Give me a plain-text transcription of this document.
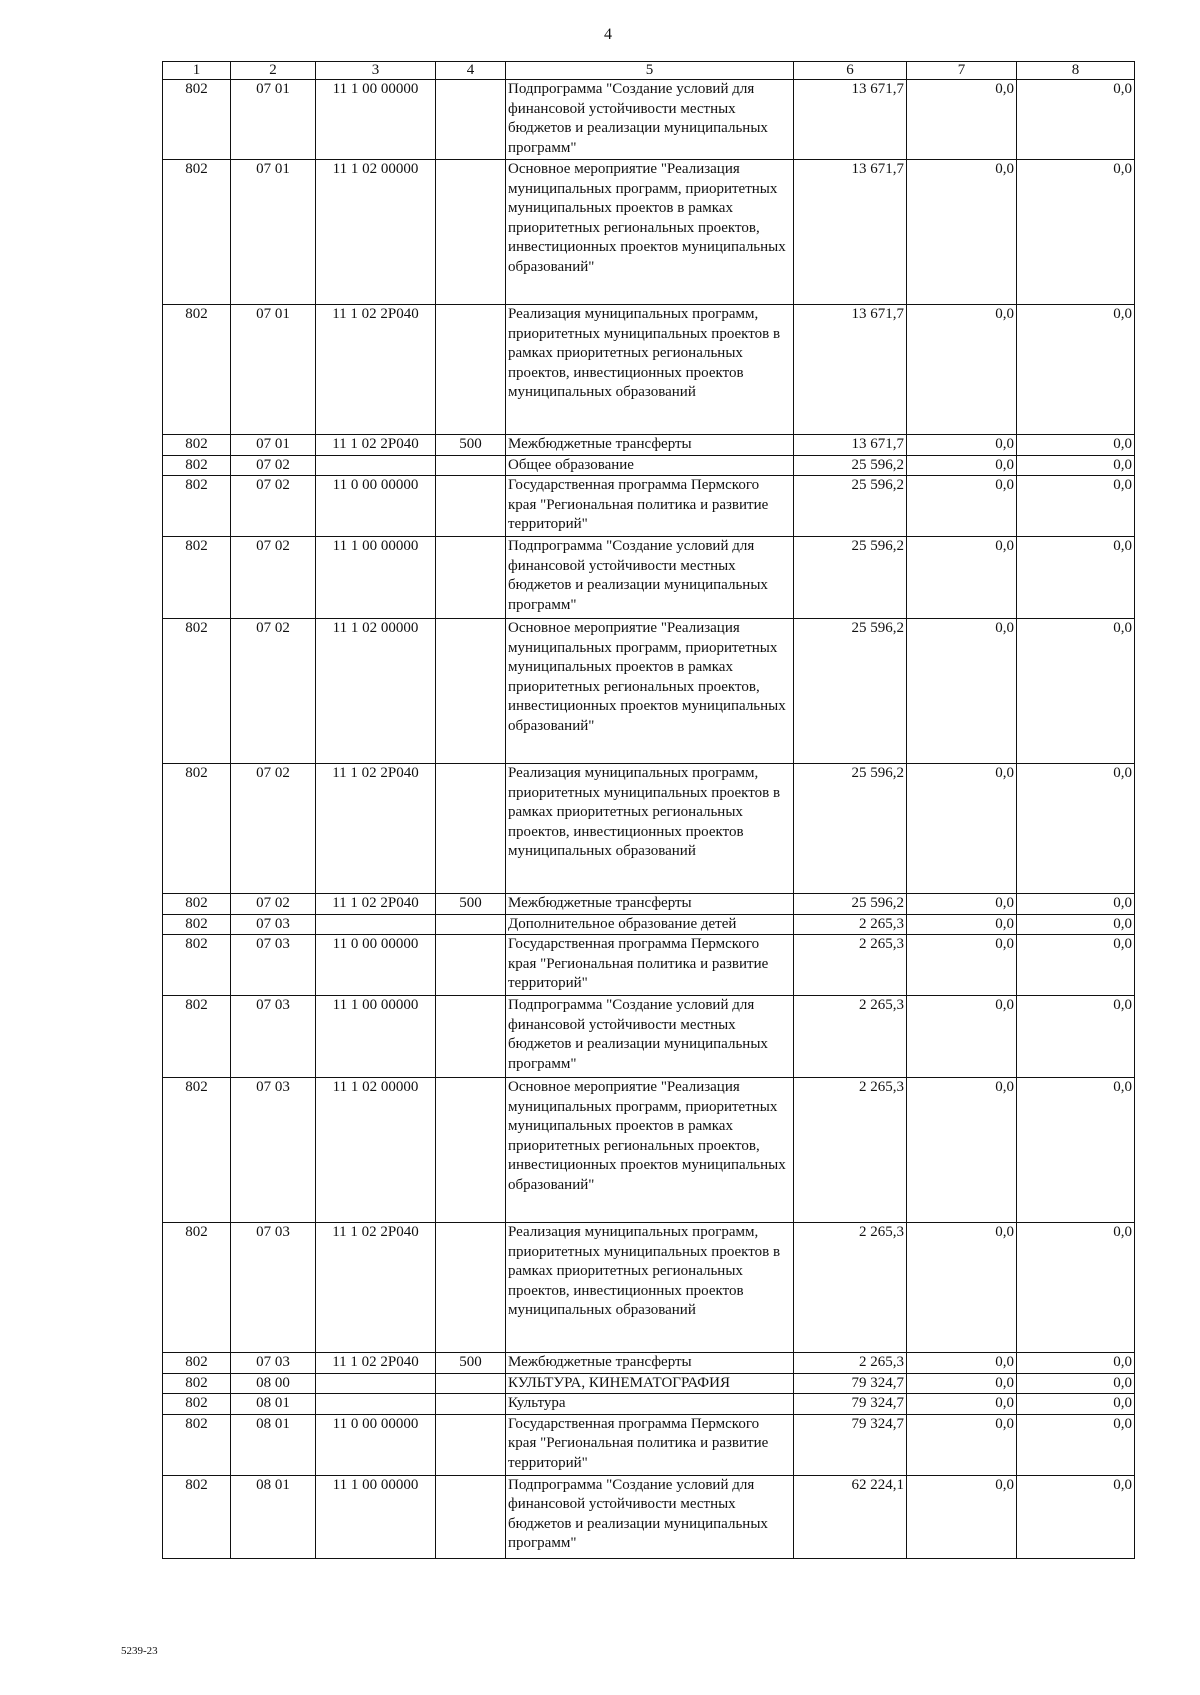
4
1	2	3	4	5	6	7	8
802	07 01	11 1 00 00000		Подпрограмма "Создание условий для финансовой устойчивости местных бюджетов и реализации муниципальных программ"	13 671,7	0,0	0,0
802	07 01	11 1 02 00000		Основное мероприятие "Реализация муниципальных программ, приоритетных муниципальных проектов в рамках приоритетных региональных проектов, инвестиционных проектов муниципальных образований"	13 671,7	0,0	0,0
802	07 01	11 1 02 2P040		Реализация муниципальных программ, приоритетных муниципальных проектов в рамках приоритетных региональных проектов, инвестиционных проектов муниципальных образований	13 671,7	0,0	0,0
802	07 01	11 1 02 2P040	500	Межбюджетные трансферты	13 671,7	0,0	0,0
802	07 02			Общее образование	25 596,2	0,0	0,0
802	07 02	11 0 00 00000		Государственная программа Пермского края "Региональная политика и развитие территорий"	25 596,2	0,0	0,0
802	07 02	11 1 00 00000		Подпрограмма "Создание условий для финансовой устойчивости местных бюджетов и реализации муниципальных программ"	25 596,2	0,0	0,0
802	07 02	11 1 02 00000		Основное мероприятие "Реализация муниципальных программ, приоритетных муниципальных проектов в рамках приоритетных региональных проектов, инвестиционных проектов муниципальных образований"	25 596,2	0,0	0,0
802	07 02	11 1 02 2P040		Реализация муниципальных программ, приоритетных муниципальных проектов в рамках приоритетных региональных проектов, инвестиционных проектов муниципальных образований	25 596,2	0,0	0,0
802	07 02	11 1 02 2P040	500	Межбюджетные трансферты	25 596,2	0,0	0,0
802	07 03			Дополнительное образование детей	2 265,3	0,0	0,0
802	07 03	11 0 00 00000		Государственная программа Пермского края "Региональная политика и развитие территорий"	2 265,3	0,0	0,0
802	07 03	11 1 00 00000		Подпрограмма "Создание условий для финансовой устойчивости местных бюджетов и реализации муниципальных программ"	2 265,3	0,0	0,0
802	07 03	11 1 02 00000		Основное мероприятие "Реализация муниципальных программ, приоритетных муниципальных проектов в рамках приоритетных региональных проектов, инвестиционных проектов муниципальных образований"	2 265,3	0,0	0,0
802	07 03	11 1 02 2P040		Реализация муниципальных программ, приоритетных муниципальных проектов в рамках приоритетных региональных проектов, инвестиционных проектов муниципальных образований	2 265,3	0,0	0,0
802	07 03	11 1 02 2P040	500	Межбюджетные трансферты	2 265,3	0,0	0,0
802	08 00			КУЛЬТУРА, КИНЕМАТОГРАФИЯ	79 324,7	0,0	0,0
802	08 01			Культура	79 324,7	0,0	0,0
802	08 01	11 0 00 00000		Государственная программа Пермского края "Региональная политика и развитие территорий"	79 324,7	0,0	0,0
802	08 01	11 1 00 00000		Подпрограмма "Создание условий для финансовой устойчивости местных бюджетов и реализации муниципальных программ"	62 224,1	0,0	0,0
5239-23
